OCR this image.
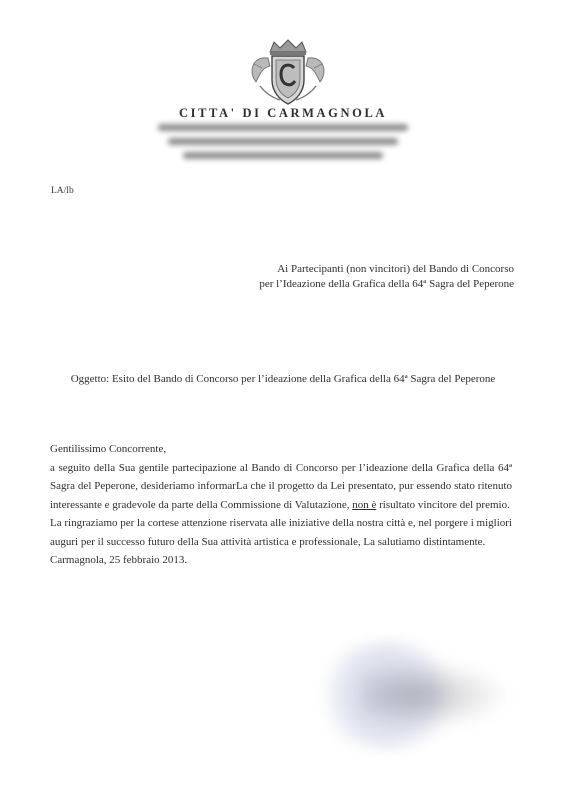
CITTA' DI CARMAGNOLA
LA/lb
Ai Partecipanti (non vincitori) del Bando di Concorso
per l’Ideazione della Grafica della 64ª Sagra del Peperone
Oggetto: Esito del Bando di Concorso per l’ideazione della Grafica della 64ª Sagra del Peperone

Gentilissimo Concorrente,

a seguito della Sua gentile partecipazione al Bando di Concorso per l’ideazione della Grafica della 64ª Sagra del Peperone, desideriamo informarLa che il progetto da Lei presentato, pur essendo stato ritenuto interessante e gradevole da parte della Commissione di Valutazione, non è risultato vincitore del premio.

La ringraziamo per la cortese attenzione riservata alle iniziative della nostra città e, nel porgere i migliori auguri per il successo futuro della Sua attività artistica e professionale, La salutiamo distintamente.

Carmagnola, 25 febbraio 2013.
